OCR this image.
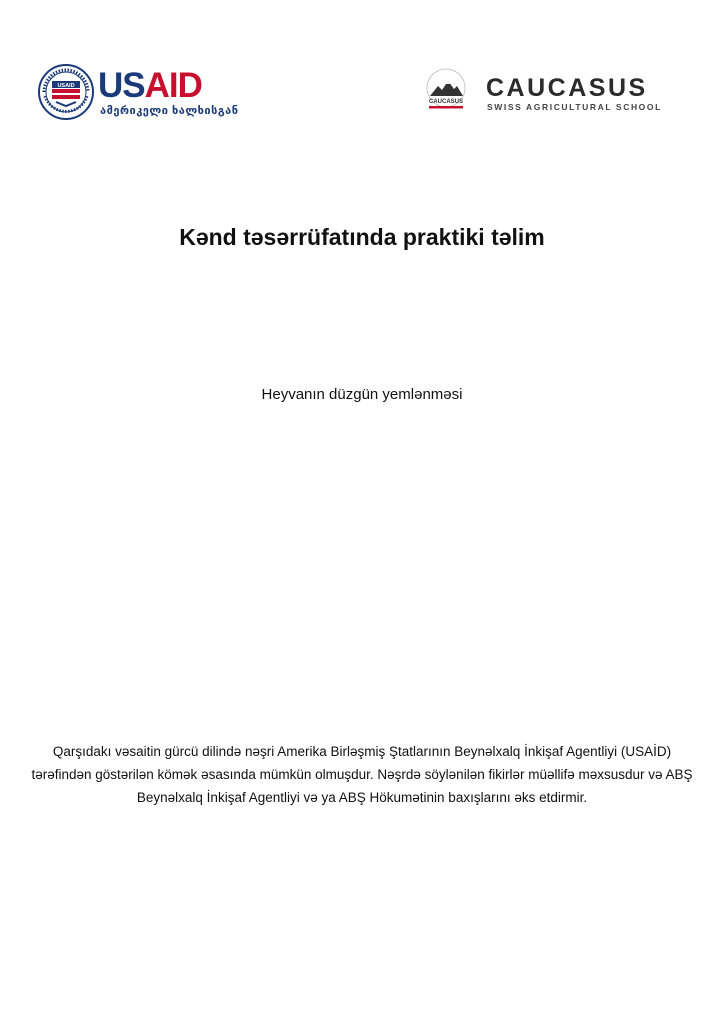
USAID USAID
ამერიკელი ხალხისგან
CAUCASUS CAUCASUS
SWISS AGRICULTURAL SCHOOL
Kənd təsərrüfatında praktiki təlim
Heyvanın düzgün yemlənməsi
Qarşıdakı vəsaitin gürcü dilində nəşri Amerika Birləşmiş Ştatlarının Beynəlxalq İnkişaf Agentliyi (USAİD) tərəfindən göstərilən kömək əsasında mümkün olmuşdur. Nəşrdə söylənilən fikirlər müəllifə məxsusdur və ABŞ Beynəlxalq İnkişaf Agentliyi və ya ABŞ Hökumətinin baxışlarını əks etdirmir.
